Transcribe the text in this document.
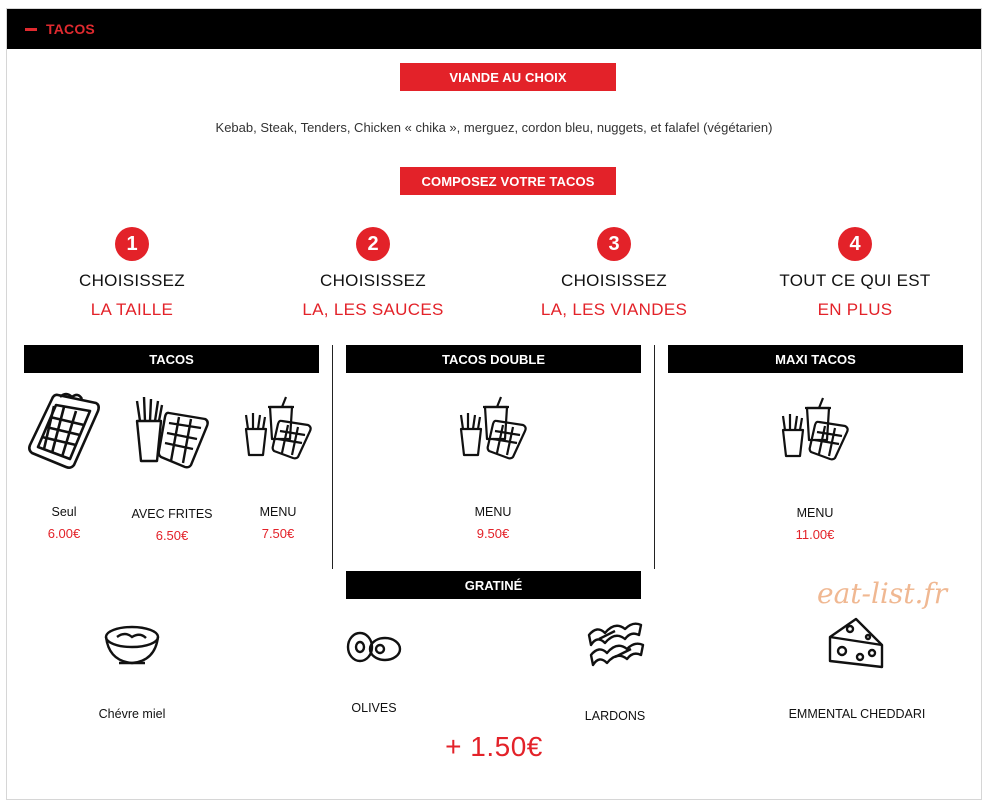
TACOS
VIANDE AU CHOIX
Kebab, Steak, Tenders, Chicken « chika », merguez, cordon bleu, nuggets, et falafel (végétarien)
COMPOSEZ VOTRE TACOS
1
CHOISISSEZ
LA TAILLE
2
CHOISISSEZ
LA, LES SAUCES
3
CHOISISSEZ
LA, LES VIANDES
4
TOUT CE QUI EST
EN PLUS
TACOS	TACOS DOUBLE	MAXI TACOS
Seul
6.00€
AVEC FRITES
6.50€
MENU
7.50€
MENU
9.50€
MENU
11.00€
eat-list.fr
GRATINÉ
Chévre miel	OLIVES
LARDONS	EMMENTAL CHEDDARI
+ 1.50€
